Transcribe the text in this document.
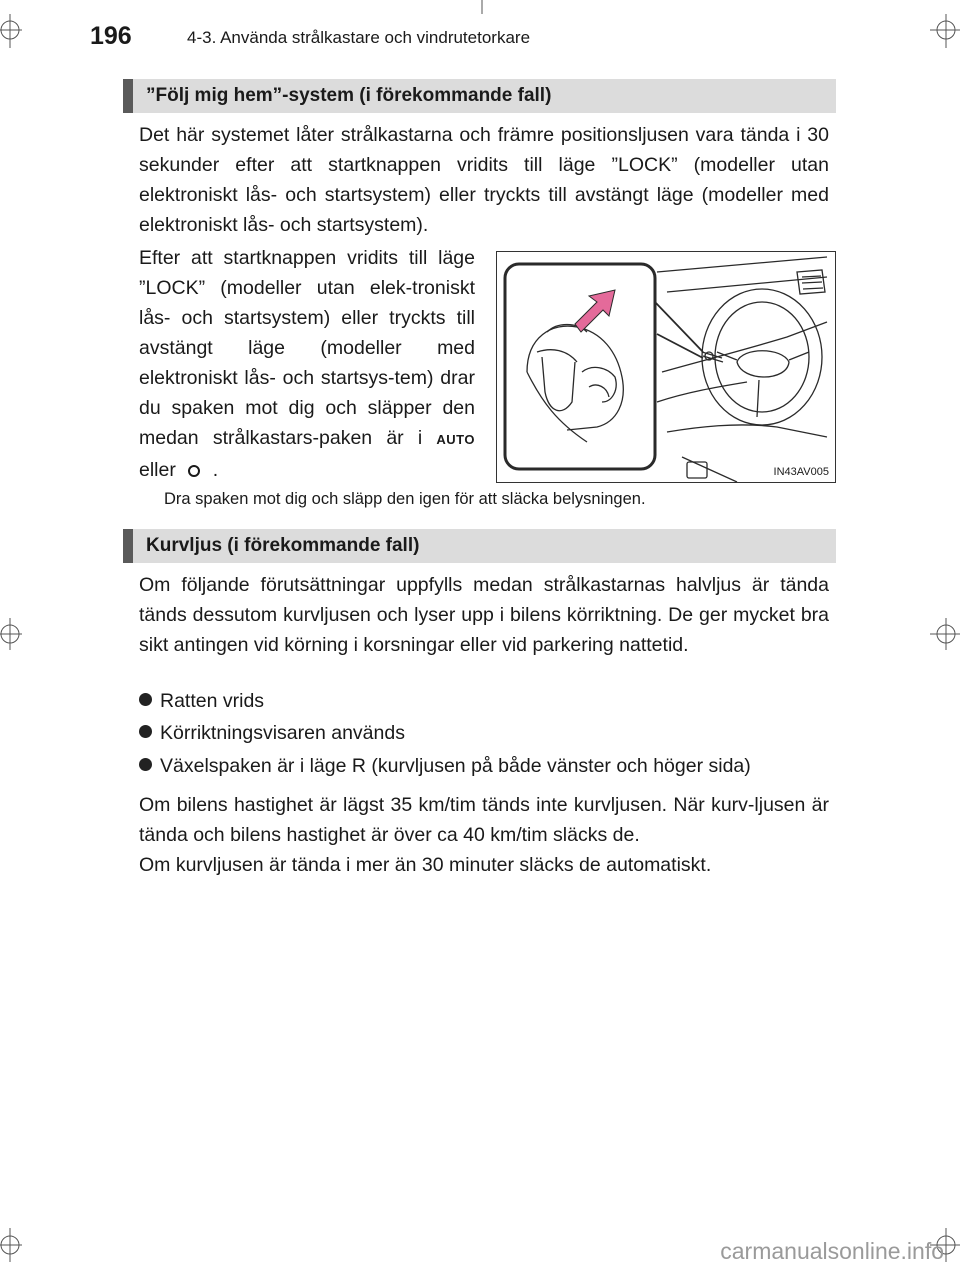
196	4-3. Använda strålkastare och vindrutetorkare
”Följ mig hem”-system (i förekommande fall)

Det här systemet låter strålkastarna och främre positionsljusen vara tända i 30 sekunder efter att startknappen vridits till läge ”LOCK” (modeller utan elektroniskt lås- och startsystem) eller tryckts till avstängt läge (modeller med elektroniskt lås- och startsystem).

Efter att startknappen vridits till läge ”LOCK” (modeller utan elek-troniskt lås- och startsystem) eller tryckts till avstängt läge (modeller med elektroniskt lås- och startsys-tem) drar du spaken mot dig och släpper den medan strålkastars-paken är i AUTO eller .	IN43AV005
Dra spaken mot dig och släpp den igen för att släcka belysningen.
Kurvljus (i förekommande fall)

Om följande förutsättningar uppfylls medan strålkastarnas halvljus är tända tänds dessutom kurvljusen och lyser upp i bilens körriktning. De ger mycket bra sikt antingen vid körning i korsningar eller vid parkering nattetid.

Ratten vrids
Körriktningsvisaren används
Växelspaken är i läge R (kurvljusen på både vänster och höger sida)

Om bilens hastighet är lägst 35 km/tim tänds inte kurvljusen. När kurv-ljusen är tända och bilens hastighet är över ca 40 km/tim släcks de.

Om kurvljusen är tända i mer än 30 minuter släcks de automatiskt.

carmanualsonline.info
